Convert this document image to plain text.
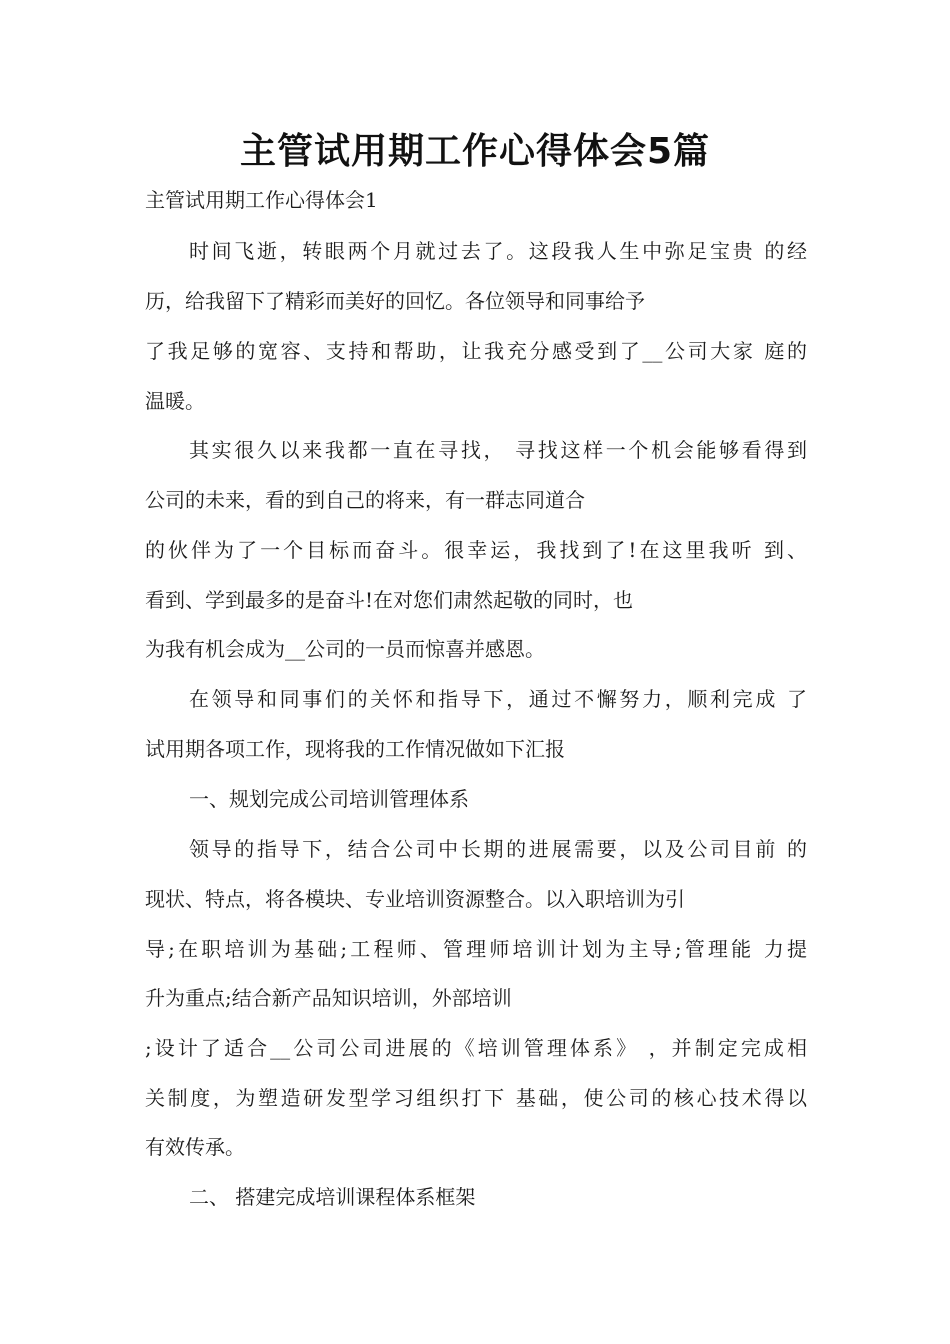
主管试用期工作心得体会5篇
主管试用期工作心得体会1
时间飞逝，转眼两个月就过去了。这段我人生中弥足宝贵 的经
历，给我留下了精彩而美好的回忆。各位领导和同事给予
了我足够的宽容、支持和帮助，让我充分感受到了__公司大家 庭的
温暖。
其实很久以来我都一直在寻找， 寻找这样一个机会能够看得到
公司的未来，看的到自己的将来，有一群志同道合
的伙伴为了一个目标而奋斗。很幸运，我找到了!在这里我听 到、
看到、学到最多的是奋斗!在对您们肃然起敬的同时，也
为我有机会成为__公司的一员而惊喜并感恩。
在领导和同事们的关怀和指导下，通过不懈努力，顺利完成 了
试用期各项工作，现将我的工作情况做如下汇报
一、规划完成公司培训管理体系
领导的指导下，结合公司中长期的进展需要，以及公司目前 的
现状、特点，将各模块、专业培训资源整合。以入职培训为引
导;在职培训为基础;工程师、管理师培训计划为主导;管理能 力提
升为重点;结合新产品知识培训，外部培训
;设计了适合__公司公司进展的《培训管理体系》 ，并制定完成相
关制度，为塑造研发型学习组织打下 基础，使公司的核心技术得以
有效传承。
二、 搭建完成培训课程体系框架
